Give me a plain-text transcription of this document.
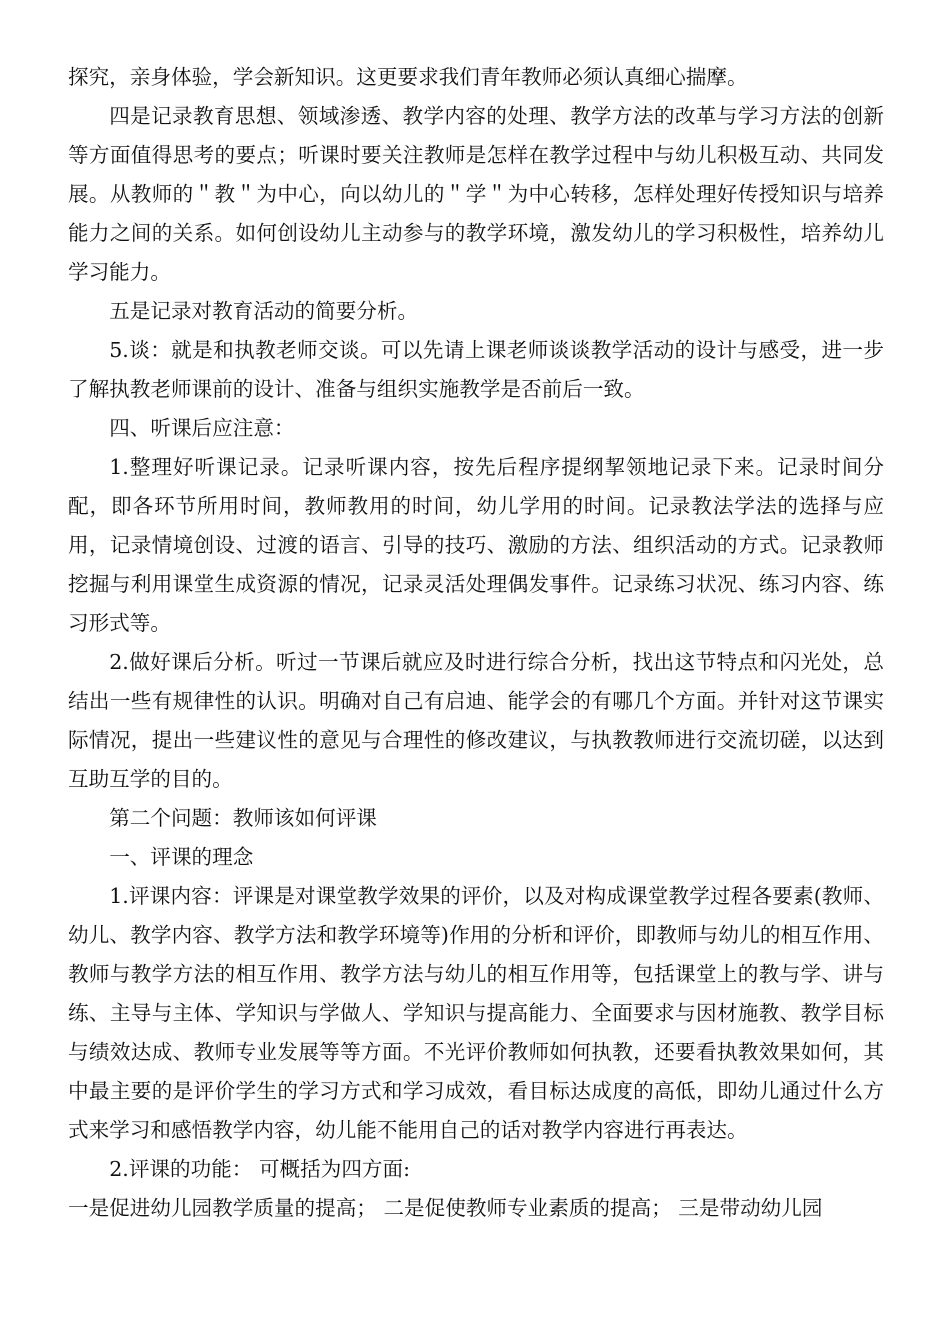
探究，亲身体验，学会新知识。这更要求我们青年教师必须认真细心揣摩。

四是记录教育思想、领域渗透、教学内容的处理、教学方法的改革与学习方法的创新等方面值得思考的要点；听课时要关注教师是怎样在教学过程中与幼儿积极互动、共同发展。从教师的＂教＂为中心，向以幼儿的＂学＂为中心转移，怎样处理好传授知识与培养能力之间的关系。如何创设幼儿主动参与的教学环境，激发幼儿的学习积极性，培养幼儿学习能力。

五是记录对教育活动的简要分析。

5.谈：就是和执教老师交谈。可以先请上课老师谈谈教学活动的设计与感受，进一步了解执教老师课前的设计、准备与组织实施教学是否前后一致。

四、听课后应注意：

1.整理好听课记录。记录听课内容，按先后程序提纲挈领地记录下来。记录时间分配，即各环节所用时间，教师教用的时间，幼儿学用的时间。记录教法学法的选择与应用，记录情境创设、过渡的语言、引导的技巧、激励的方法、组织活动的方式。记录教师挖掘与利用课堂生成资源的情况，记录灵活处理偶发事件。记录练习状况、练习内容、练习形式等。

2.做好课后分析。听过一节课后就应及时进行综合分析，找出这节特点和闪光处，总结出一些有规律性的认识。明确对自己有启迪、能学会的有哪几个方面。并针对这节课实际情况，提出一些建议性的意见与合理性的修改建议，与执教教师进行交流切磋，以达到互助互学的目的。

第二个问题：教师该如何评课

一、评课的理念

1.评课内容：评课是对课堂教学效果的评价，以及对构成课堂教学过程各要素(教师、幼儿、教学内容、教学方法和教学环境等)作用的分析和评价，即教师与幼儿的相互作用、教师与教学方法的相互作用、教学方法与幼儿的相互作用等，包括课堂上的教与学、讲与练、主导与主体、学知识与学做人、学知识与提高能力、全面要求与因材施教、教学目标与绩效达成、教师专业发展等等方面。不光评价教师如何执教，还要看执教效果如何，其中最主要的是评价学生的学习方式和学习成效，看目标达成度的高低，即幼儿通过什么方式来学习和感悟教学内容，幼儿能不能用自己的话对教学内容进行再表达。

2.评课的功能： 可概括为四方面:

一是促进幼儿园教学质量的提高； 二是促使教师专业素质的提高； 三是带动幼儿园
